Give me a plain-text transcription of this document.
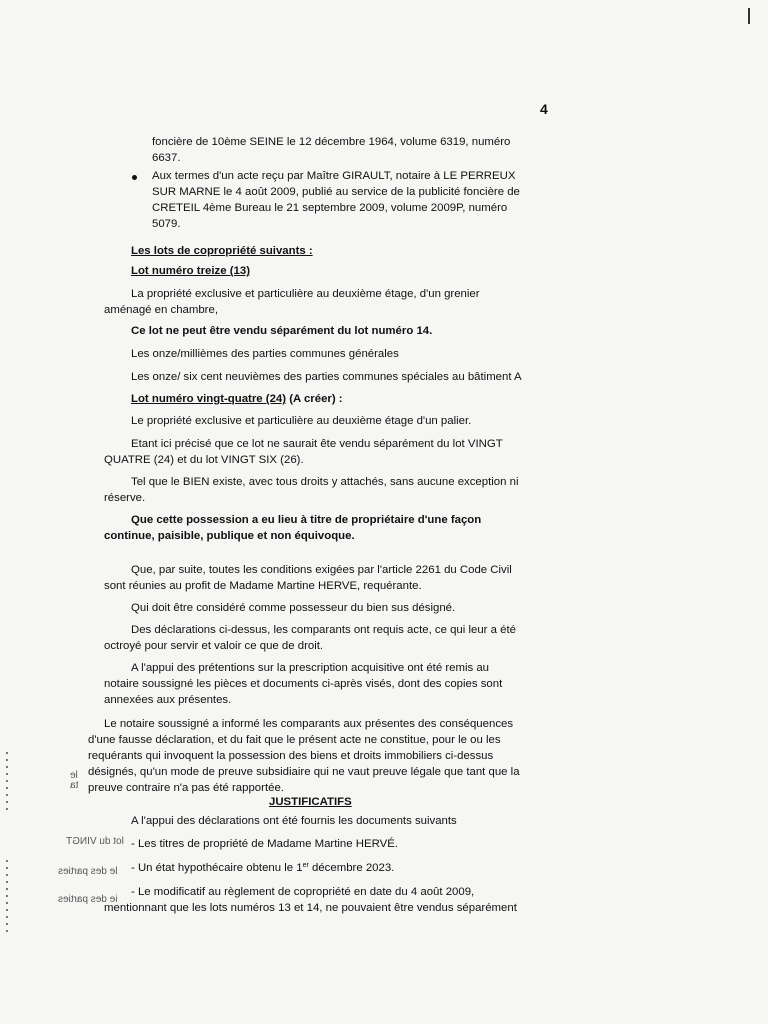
4

foncière de 10ème SEINE le 12 décembre 1964, volume 6319, numéro

6637.

Aux termes d'un acte reçu par Maître GIRAULT, notaire à LE PERREUX

SUR MARNE le 4 août 2009, publié au service de la publicité foncière de

CRETEIL 4ème Bureau le 21 septembre 2009, volume 2009P, numéro

5079.

Les lots de copropriété suivants :

Lot numéro treize (13)

La propriété exclusive et particulière au deuxième étage, d'un grenier

aménagé en chambre,

Ce lot ne peut être vendu séparément du lot numéro 14.

Les onze/millièmes des parties communes générales

Les onze/ six cent neuvièmes des parties communes spéciales au bâtiment A

Lot numéro vingt-quatre (24) (A créer) :

Le propriété exclusive et particulière au deuxième étage d'un palier.

Etant ici précisé que ce lot ne saurait ête vendu séparément du lot VINGT

QUATRE (24) et du lot VINGT SIX (26).

Tel que le BIEN existe, avec tous droits y attachés, sans aucune exception ni

réserve.

Que cette possession a eu lieu à titre de propriétaire d'une façon

continue, paisible, publique et non équivoque.

Que, par suite, toutes les conditions exigées par l'article 2261 du Code Civil

sont réunies au profit de Madame Martine HERVE, requérante.

Qui doit être considéré comme possesseur du bien sus désigné.

Des déclarations ci-dessus, les comparants ont requis acte, ce qui leur a été

octroyé pour servir et valoir ce que de droit.

A l'appui des prétentions sur la prescription acquisitive ont été remis au

notaire soussigné les pièces et documents ci-après visés, dont des copies sont

annexées aux présentes.

Le notaire soussigné a informé les comparants aux présentes des conséquences

d'une fausse déclaration, et du fait que le présent acte ne constitue, pour le ou les

requérants qui invoquent la possession des biens et droits immobiliers ci-dessus

désignés, qu'un mode de preuve subsidiaire qui ne vaut preuve légale que tant que la

preuve contraire n'a pas été rapportée.

JUSTIFICATIFS

A l'appui des déclarations ont été fournis les documents suivants

- Les titres de propriété de Madame Martine HERVÉ.

- Un état hypothécaire obtenu le 1er décembre 2023.

- Le modificatif au règlement de copropriété en date du 4 août 2009,

mentionnant que les lots numéros 13 et 14, ne pouvaient être vendus séparément

lot du VINGT
le des parties
ie des parties
le
ta
